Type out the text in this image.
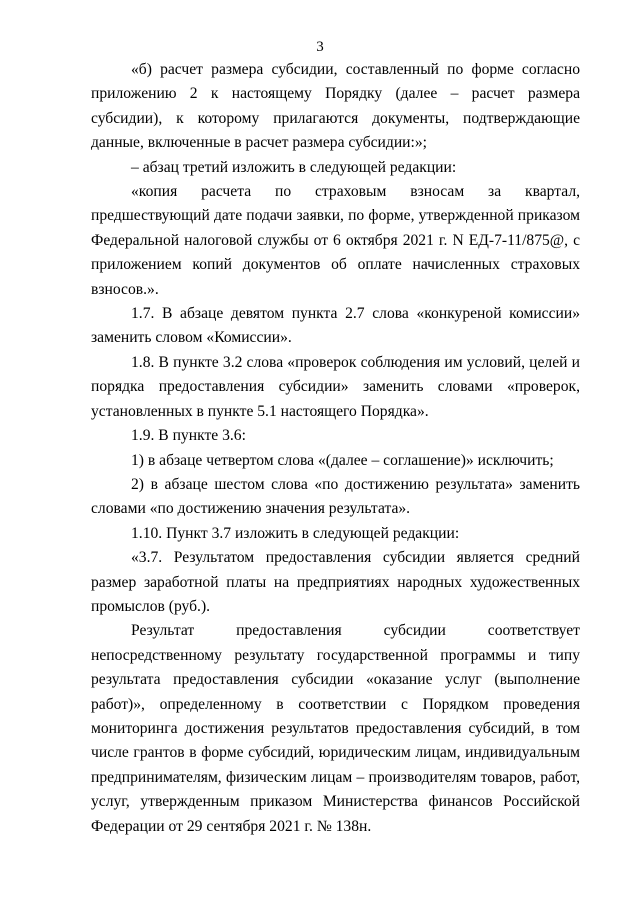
3

«б) расчет размера субсидии, составленный по форме согласно приложению 2 к настоящему Порядку (далее – расчет размера субсидии), к которому прилагаются документы, подтверждающие данные, включенные в расчет размера субсидии:»;

– абзац третий изложить в следующей редакции:

«копия расчета по страховым взносам за квартал, предшествующий дате подачи заявки, по форме, утвержденной приказом Федеральной налоговой службы от 6 октября 2021 г. N ЕД-7-11/875@, с приложением копий документов об оплате начисленных страховых взносов.».

1.7. В абзаце девятом пункта 2.7 слова «конкуреной комиссии» заменить словом «Комиссии».

1.8. В пункте 3.2 слова «проверок соблюдения им условий, целей и порядка предоставления субсидии» заменить словами «проверок, установленных в пункте 5.1 настоящего Порядка».

1.9. В пункте 3.6:

1) в абзаце четвертом слова «(далее – соглашение)» исключить;

2) в абзаце шестом слова «по достижению результата» заменить словами «по достижению значения результата».

1.10. Пункт 3.7 изложить в следующей редакции:

«3.7. Результатом предоставления субсидии является средний размер заработной платы на предприятиях народных художественных промыслов (руб.).

Результат предоставления субсидии соответствует непосредственному результату государственной программы и типу результата предоставления субсидии «оказание услуг (выполнение работ)», определенному в соответствии с Порядком проведения мониторинга достижения результатов предоставления субсидий, в том числе грантов в форме субсидий, юридическим лицам, индивидуальным предпринимателям, физическим лицам – производителям товаров, работ, услуг, утвержденным приказом Министерства финансов Российской Федерации от 29 сентября 2021 г. № 138н.
